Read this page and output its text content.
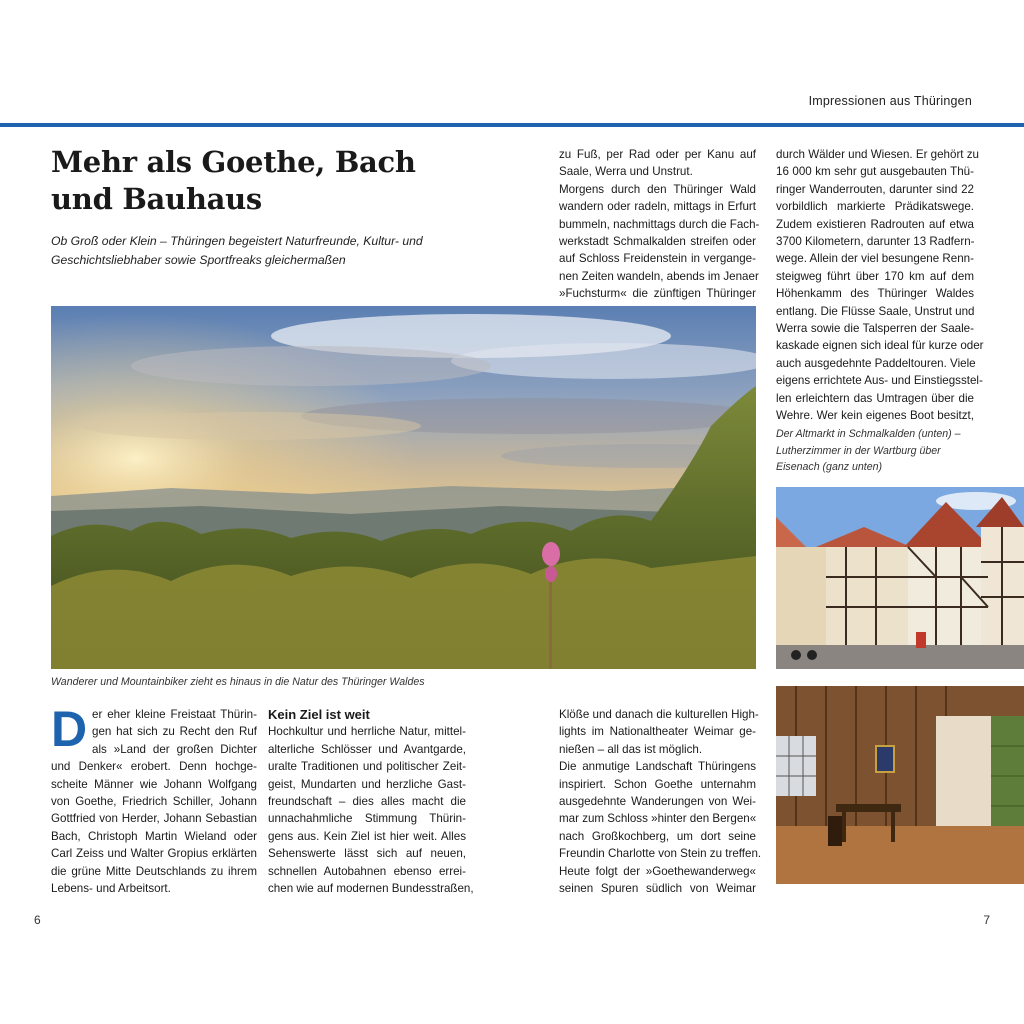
Impressionen aus Thüringen
Mehr als Goethe, Bach
und Bauhaus
Ob Groß oder Klein – Thüringen begeistert Naturfreunde, Kultur- und
Geschichtsliebhaber sowie Sportfreaks gleichermaßen
zu Fuß, per Rad oder per Kanu auf
Saale, Werra und Unstrut.
Morgens durch den Thüringer Wald
wandern oder radeln, mittags in Erfurt
bummeln, nachmittags durch die Fach-
werkstadt Schmalkalden streifen oder
auf Schloss Freidenstein in vergange-
nen Zeiten wandeln, abends im Jenaer
»Fuchsturm« die zünftigen Thüringer
durch Wälder und Wiesen. Er gehört zu
16 000 km sehr gut ausgebauten Thü-
ringer Wanderrouten, darunter sind 22
vorbildlich markierte Prädikatswege.
Zudem existieren Radrouten auf etwa
3700 Kilometern, darunter 13 Radfern-
wege. Allein der viel besungene Renn-
steigweg führt über 170 km auf dem
Höhenkamm des Thüringer Waldes
entlang. Die Flüsse Saale, Unstrut und
Werra sowie die Talsperren der Saale-
kaskade eignen sich ideal für kurze oder
auch ausgedehnte Paddeltouren. Viele
eigens errichtete Aus- und Einstiegsstel-
len erleichtern das Umtragen über die
Wehre. Wer kein eigenes Boot besitzt,
Wanderer und Mountainbiker zieht es hinaus in die Natur des Thüringer Waldes
Der Altmarkt in Schmalkalden (unten) –
Lutherzimmer in der Wartburg über
Eisenach (ganz unten)
D er eher kleine Freistaat Thürin-
gen hat sich zu Recht den Ruf
als »Land der großen Dichter
und Denker« erobert. Denn hochge-
scheite Männer wie Johann Wolfgang
von Goethe, Friedrich Schiller, Johann
Gottfried von Herder, Johann Sebastian
Bach, Christoph Martin Wieland oder
Carl Zeiss und Walter Gropius erklärten
die grüne Mitte Deutschlands zu ihrem
Lebens- und Arbeitsort.
Kein Ziel ist weit
Hochkultur und herrliche Natur, mittel-
alterliche Schlösser und Avantgarde,
uralte Traditionen und politischer Zeit-
geist, Mundarten und herzliche Gast-
freundschaft – dies alles macht die
unnachahmliche Stimmung Thürin-
gens aus. Kein Ziel ist hier weit. Alles
Sehenswerte lässt sich auf neuen,
schnellen Autobahnen ebenso errei-
chen wie auf modernen Bundesstraßen,
Klöße und danach die kulturellen High-
lights im Nationaltheater Weimar ge-
nießen – all das ist möglich.
Die anmutige Landschaft Thüringens
inspiriert. Schon Goethe unternahm
ausgedehnte Wanderungen von Wei-
mar zum Schloss »hinter den Bergen«
nach Großkochberg, um dort seine
Freundin Charlotte von Stein zu treffen.
Heute folgt der »Goethewanderweg«
seinen Spuren südlich von Weimar
6	7
